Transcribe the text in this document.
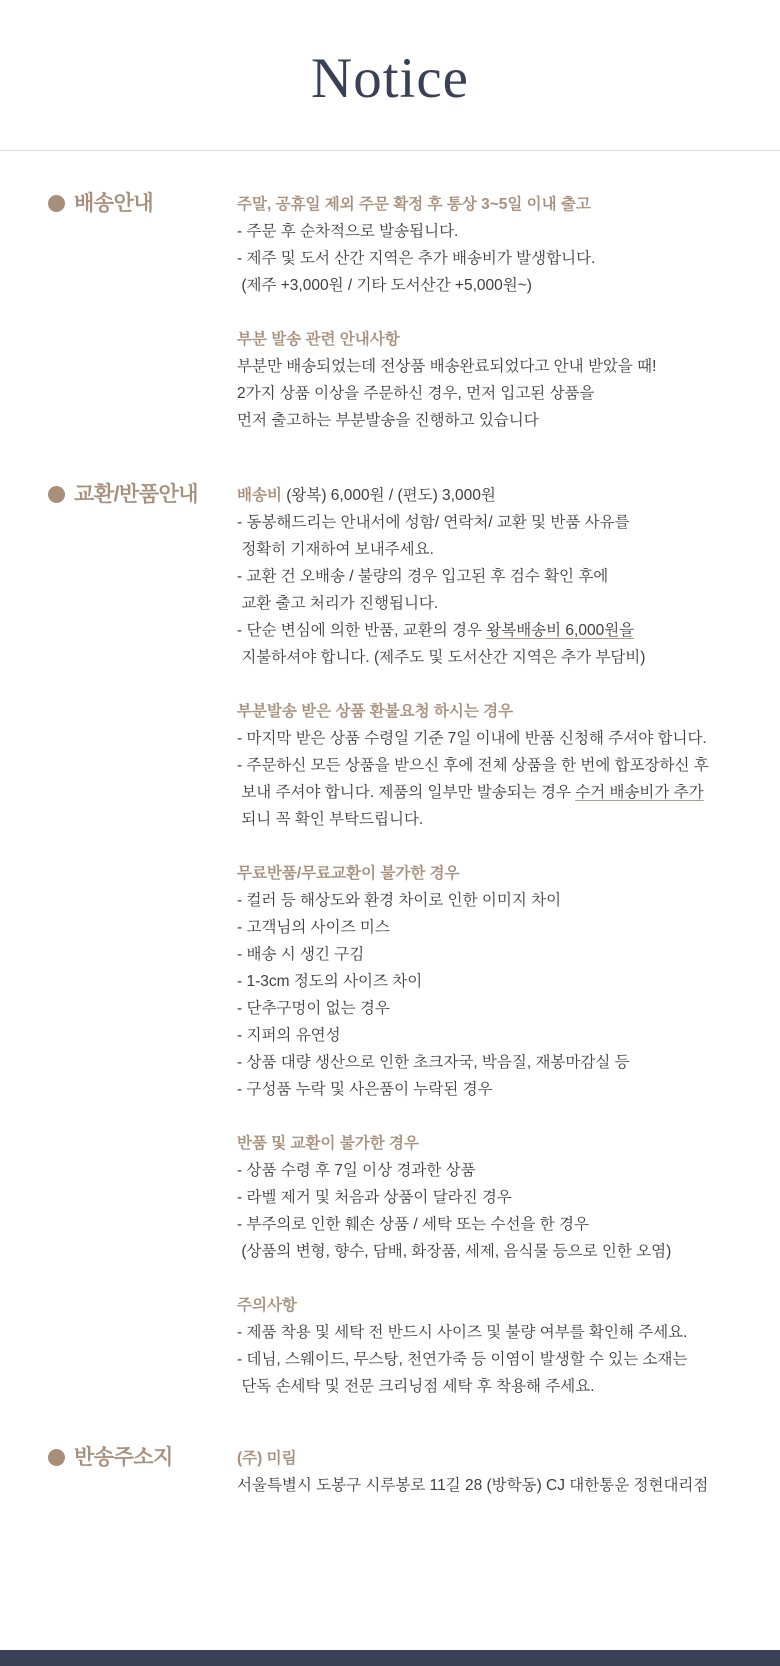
Notice
배송안내	주말, 공휴일 제외 주문 확정 후 통상 3~5일 이내 출고
- 주문 후 순차적으로 발송됩니다.
- 제주 및 도서 산간 지역은 추가 배송비가 발생합니다.
(제주 +3,000원 / 기타 도서산간 +5,000원~)
부분 발송 관련 안내사항
부분만 배송되었는데 전상품 배송완료되었다고 안내 받았을 때!
2가지 상품 이상을 주문하신 경우, 먼저 입고된 상품을
먼저 출고하는 부분발송을 진행하고 있습니다
교환/반품안내	배송비 (왕복) 6,000원 / (편도) 3,000원
- 동봉해드리는 안내서에 성함/ 연락처/ 교환 및 반품 사유를
정확히 기재하여 보내주세요.
- 교환 건 오배송 / 불량의 경우 입고된 후 검수 확인 후에
교환 출고 처리가 진행됩니다.
- 단순 변심에 의한 반품, 교환의 경우 왕복배송비 6,000원을
지불하셔야 합니다. (제주도 및 도서산간 지역은 추가 부담비)
부분발송 받은 상품 환불요청 하시는 경우
- 마지막 받은 상품 수령일 기준 7일 이내에 반품 신청해 주셔야 합니다.
- 주문하신 모든 상품을 받으신 후에 전체 상품을 한 번에 합포장하신 후
보내 주셔야 합니다. 제품의 일부만 발송되는 경우 수거 배송비가 추가
되니 꼭 확인 부탁드립니다.
무료반품/무료교환이 불가한 경우
- 컬러 등 해상도와 환경 차이로 인한 이미지 차이
- 고객님의 사이즈 미스
- 배송 시 생긴 구김
- 1-3cm 정도의 사이즈 차이
- 단추구멍이 없는 경우
- 지퍼의 유연성
- 상품 대량 생산으로 인한 초크자국, 박음질, 재봉마감실 등
- 구성품 누락 및 사은품이 누락된 경우
반품 및 교환이 불가한 경우
- 상품 수령 후 7일 이상 경과한 상품
- 라벨 제거 및 처음과 상품이 달라진 경우
- 부주의로 인한 훼손 상품 / 세탁 또는 수선을 한 경우
(상품의 변형, 향수, 담배, 화장품, 세제, 음식물 등으로 인한 오염)
주의사항
- 제품 착용 및 세탁 전 반드시 사이즈 및 불량 여부를 확인해 주세요.
- 데님, 스웨이드, 무스탕, 천연가죽 등 이염이 발생할 수 있는 소재는
단독 손세탁 및 전문 크리닝점 세탁 후 착용해 주세요.
반송주소지	(주) 미림
서울특별시 도봉구 시루봉로 11길 28 (방학동) CJ 대한통운 정현대리점
